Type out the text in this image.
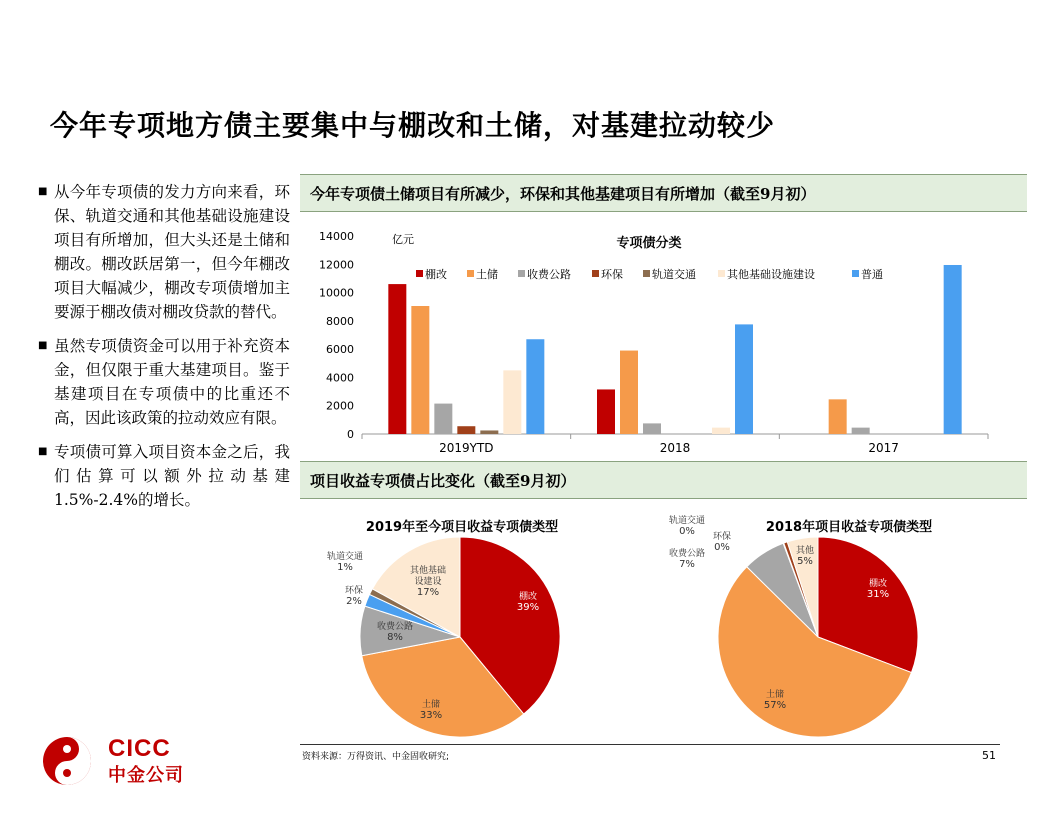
今年专项地方债主要集中与棚改和土储，对基建拉动较少
■ 从今年专项债的发力方向来看，环保、轨道交通和其他基础设施建设项目有所增加，但大头还是土储和棚改。棚改跃居第一，但今年棚改项目大幅减少，棚改专项债增加主要源于棚改债对棚改贷款的替代。
■ 虽然专项债资金可以用于补充资本金，但仅限于重大基建项目。鉴于基建项目在专项债中的比重还不高，因此该政策的拉动效应有限。
■ 专项债可算入项目资本金之后，我们估算可以额外拉动基建1.5%-2.4%的增长。
今年专项债土储项目有所减少，环保和其他基建项目有所增加（截至9月初）
项目收益专项债占比变化（截至9月初）
0
2000
4000
6000
8000
10000
12000
14000
2019YTD	2018	2017
亿元	专项债分类
棚改	土储	收费公路	环保	轨道交通	其他基础设施建设	普通
2019年至今项目收益专项债类型
棚改
39%
土储
33%
收费公路
8%
环保
2%
轨道交通
1%	其他基础
设建设
17%
2018年项目收益专项债类型
棚改
31%
土储
57%
收费公路
7%
环保
0%
轨道交通
0%
其他
5%
资料来源：万得资讯、中金固收研究;	51
CICC
中金公司
